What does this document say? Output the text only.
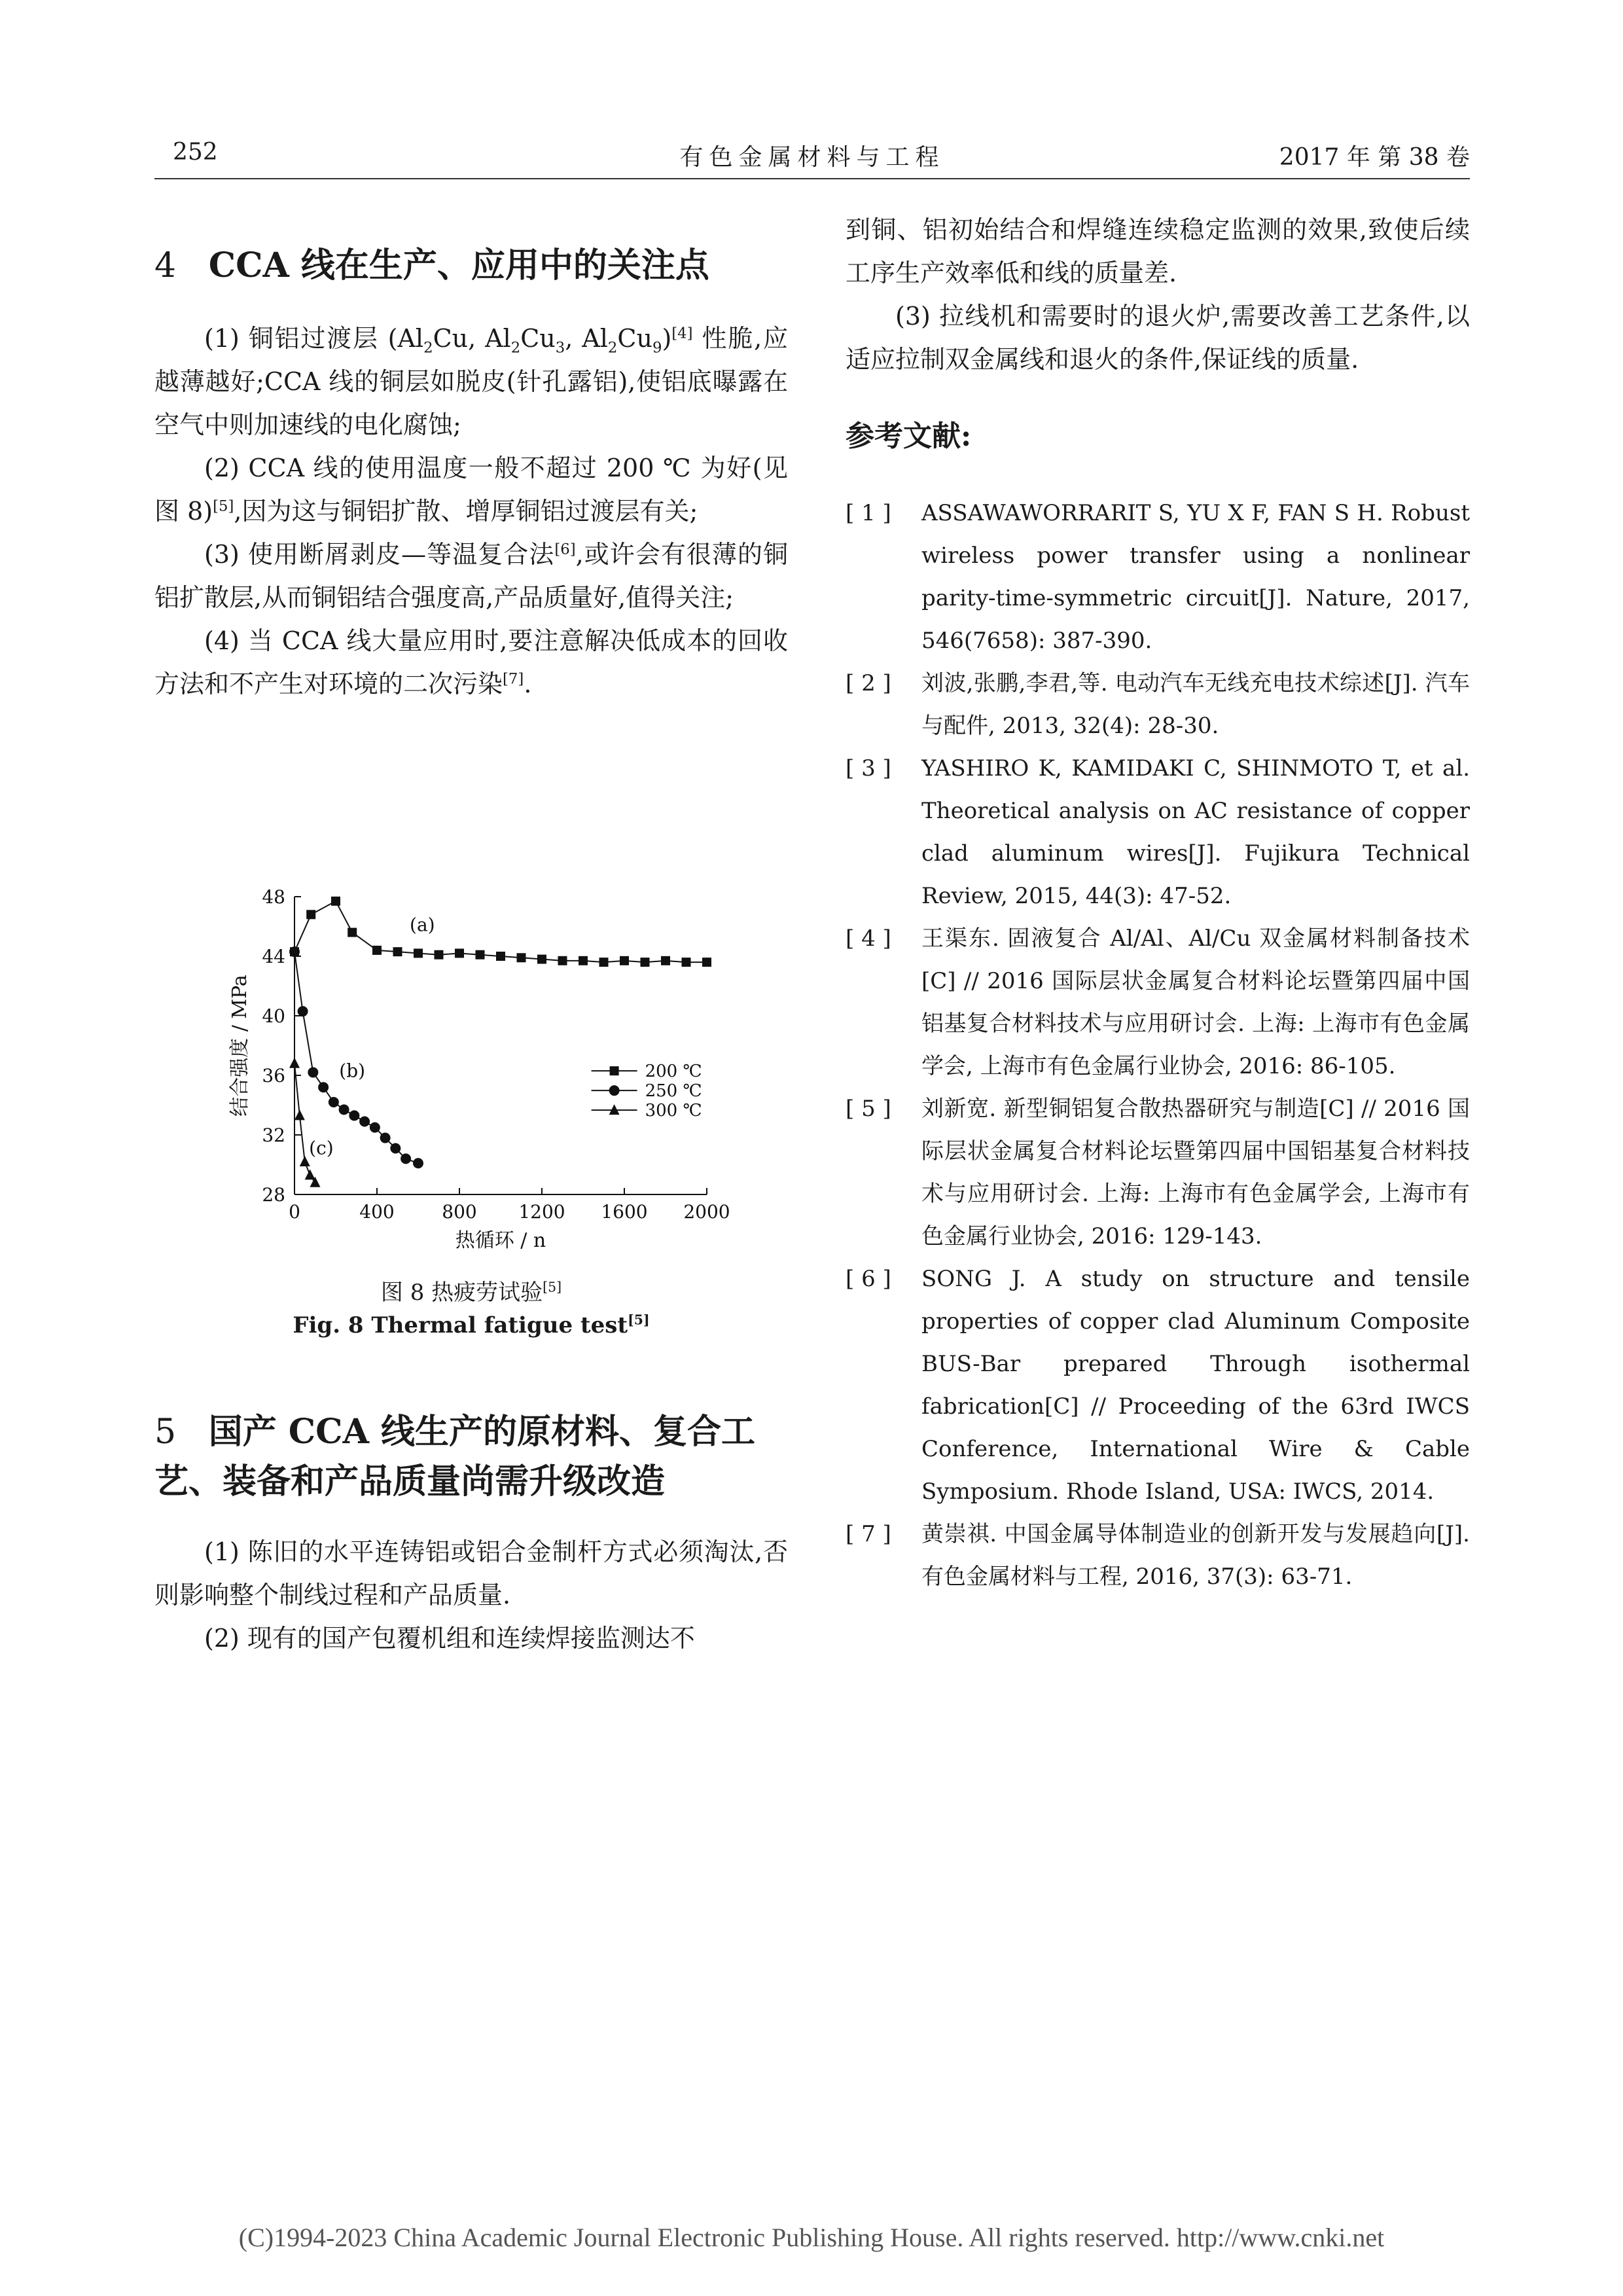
252	有色金属材料与工程	2017 年 第 38 卷
4 CCA 线在生产、应用中的关注点

(1) 铜铝过渡层 ($Al_2Cu$, $Al_2Cu_3$, $Al_2Cu_9)[4]$ 性脆,应越薄越好;CCA 线的铜层如脱皮(针孔露铝),使铝底曝露在空气中则加速线的电化腐蚀;

(2) CCA 线的使用温度一般不超过 200 ℃ 为好(见图 8)[5],因为这与铜铝扩散、增厚铜铝过渡层有关;

(3) 使用断屑剥皮—等温复合法[6],或许会有很薄的铜铝扩散层,从而铜铝结合强度高,产品质量好,值得关注;

(4) 当 CCA 线大量应用时,要注意解决低成本的回收方法和不产生对环境的二次污染[7].

28
32
36
40
44
48
0	400	800 1200 1600 2000
热循环 / n
结合强度 / MPa
(a)
(b)
(c)
200 ℃
250 ℃
300 ℃
图 8 热疲劳试验[5]
Fig. 8 Thermal fatigue test[5]
5 国产 CCA 线生产的原材料、复合工
艺、装备和产品质量尚需升级改造

(1) 陈旧的水平连铸铝或铝合金制杆方式必须淘汰,否则影响整个制线过程和产品质量.

(2) 现有的国产包覆机组和连续焊接监测达不

到铜、铝初始结合和焊缝连续稳定监测的效果,致使后续工序生产效率低和线的质量差.

(3) 拉线机和需要时的退火炉,需要改善工艺条件,以适应拉制双金属线和退火的条件,保证线的质量.

参考文献:
[ 1 ] ASSAWAWORRARIT S, YU X F, FAN S H. Robust wireless power transfer using a nonlinear parity-time-symmetric circuit[J]. Nature, 2017, 546(7658): 387-390.
[ 2 ] 刘波,张鹏,李君,等. 电动汽车无线充电技术综述[J]. 汽车与配件, 2013, 32(4): 28-30.
[ 3 ] YASHIRO K, KAMIDAKI C, SHINMOTO T, et al. Theoretical analysis on AC resistance of copper clad aluminum wires[J]. Fujikura Technical Review, 2015, 44(3): 47-52.
[ 4 ] 王渠东. 固液复合 Al/Al、Al/Cu 双金属材料制备技术[C] // 2016 国际层状金属复合材料论坛暨第四届中国铝基复合材料技术与应用研讨会. 上海: 上海市有色金属学会, 上海市有色金属行业协会, 2016: 86-105.
[ 5 ] 刘新宽. 新型铜铝复合散热器研究与制造[C] // 2016 国际层状金属复合材料论坛暨第四届中国铝基复合材料技术与应用研讨会. 上海: 上海市有色金属学会, 上海市有色金属行业协会, 2016: 129-143.
[ 6 ] SONG J. A study on structure and tensile properties of copper clad Aluminum Composite BUS-Bar prepared Through isothermal fabrication[C] // Proceeding of the 63rd IWCS Conference, International Wire & Cable Symposium. Rhode Island, USA: IWCS, 2014.
[ 7 ] 黄崇祺. 中国金属导体制造业的创新开发与发展趋向[J]. 有色金属材料与工程, 2016, 37(3): 63-71.
(C)1994-2023 China Academic Journal Electronic Publishing House. All rights reserved. http://www.cnki.net
